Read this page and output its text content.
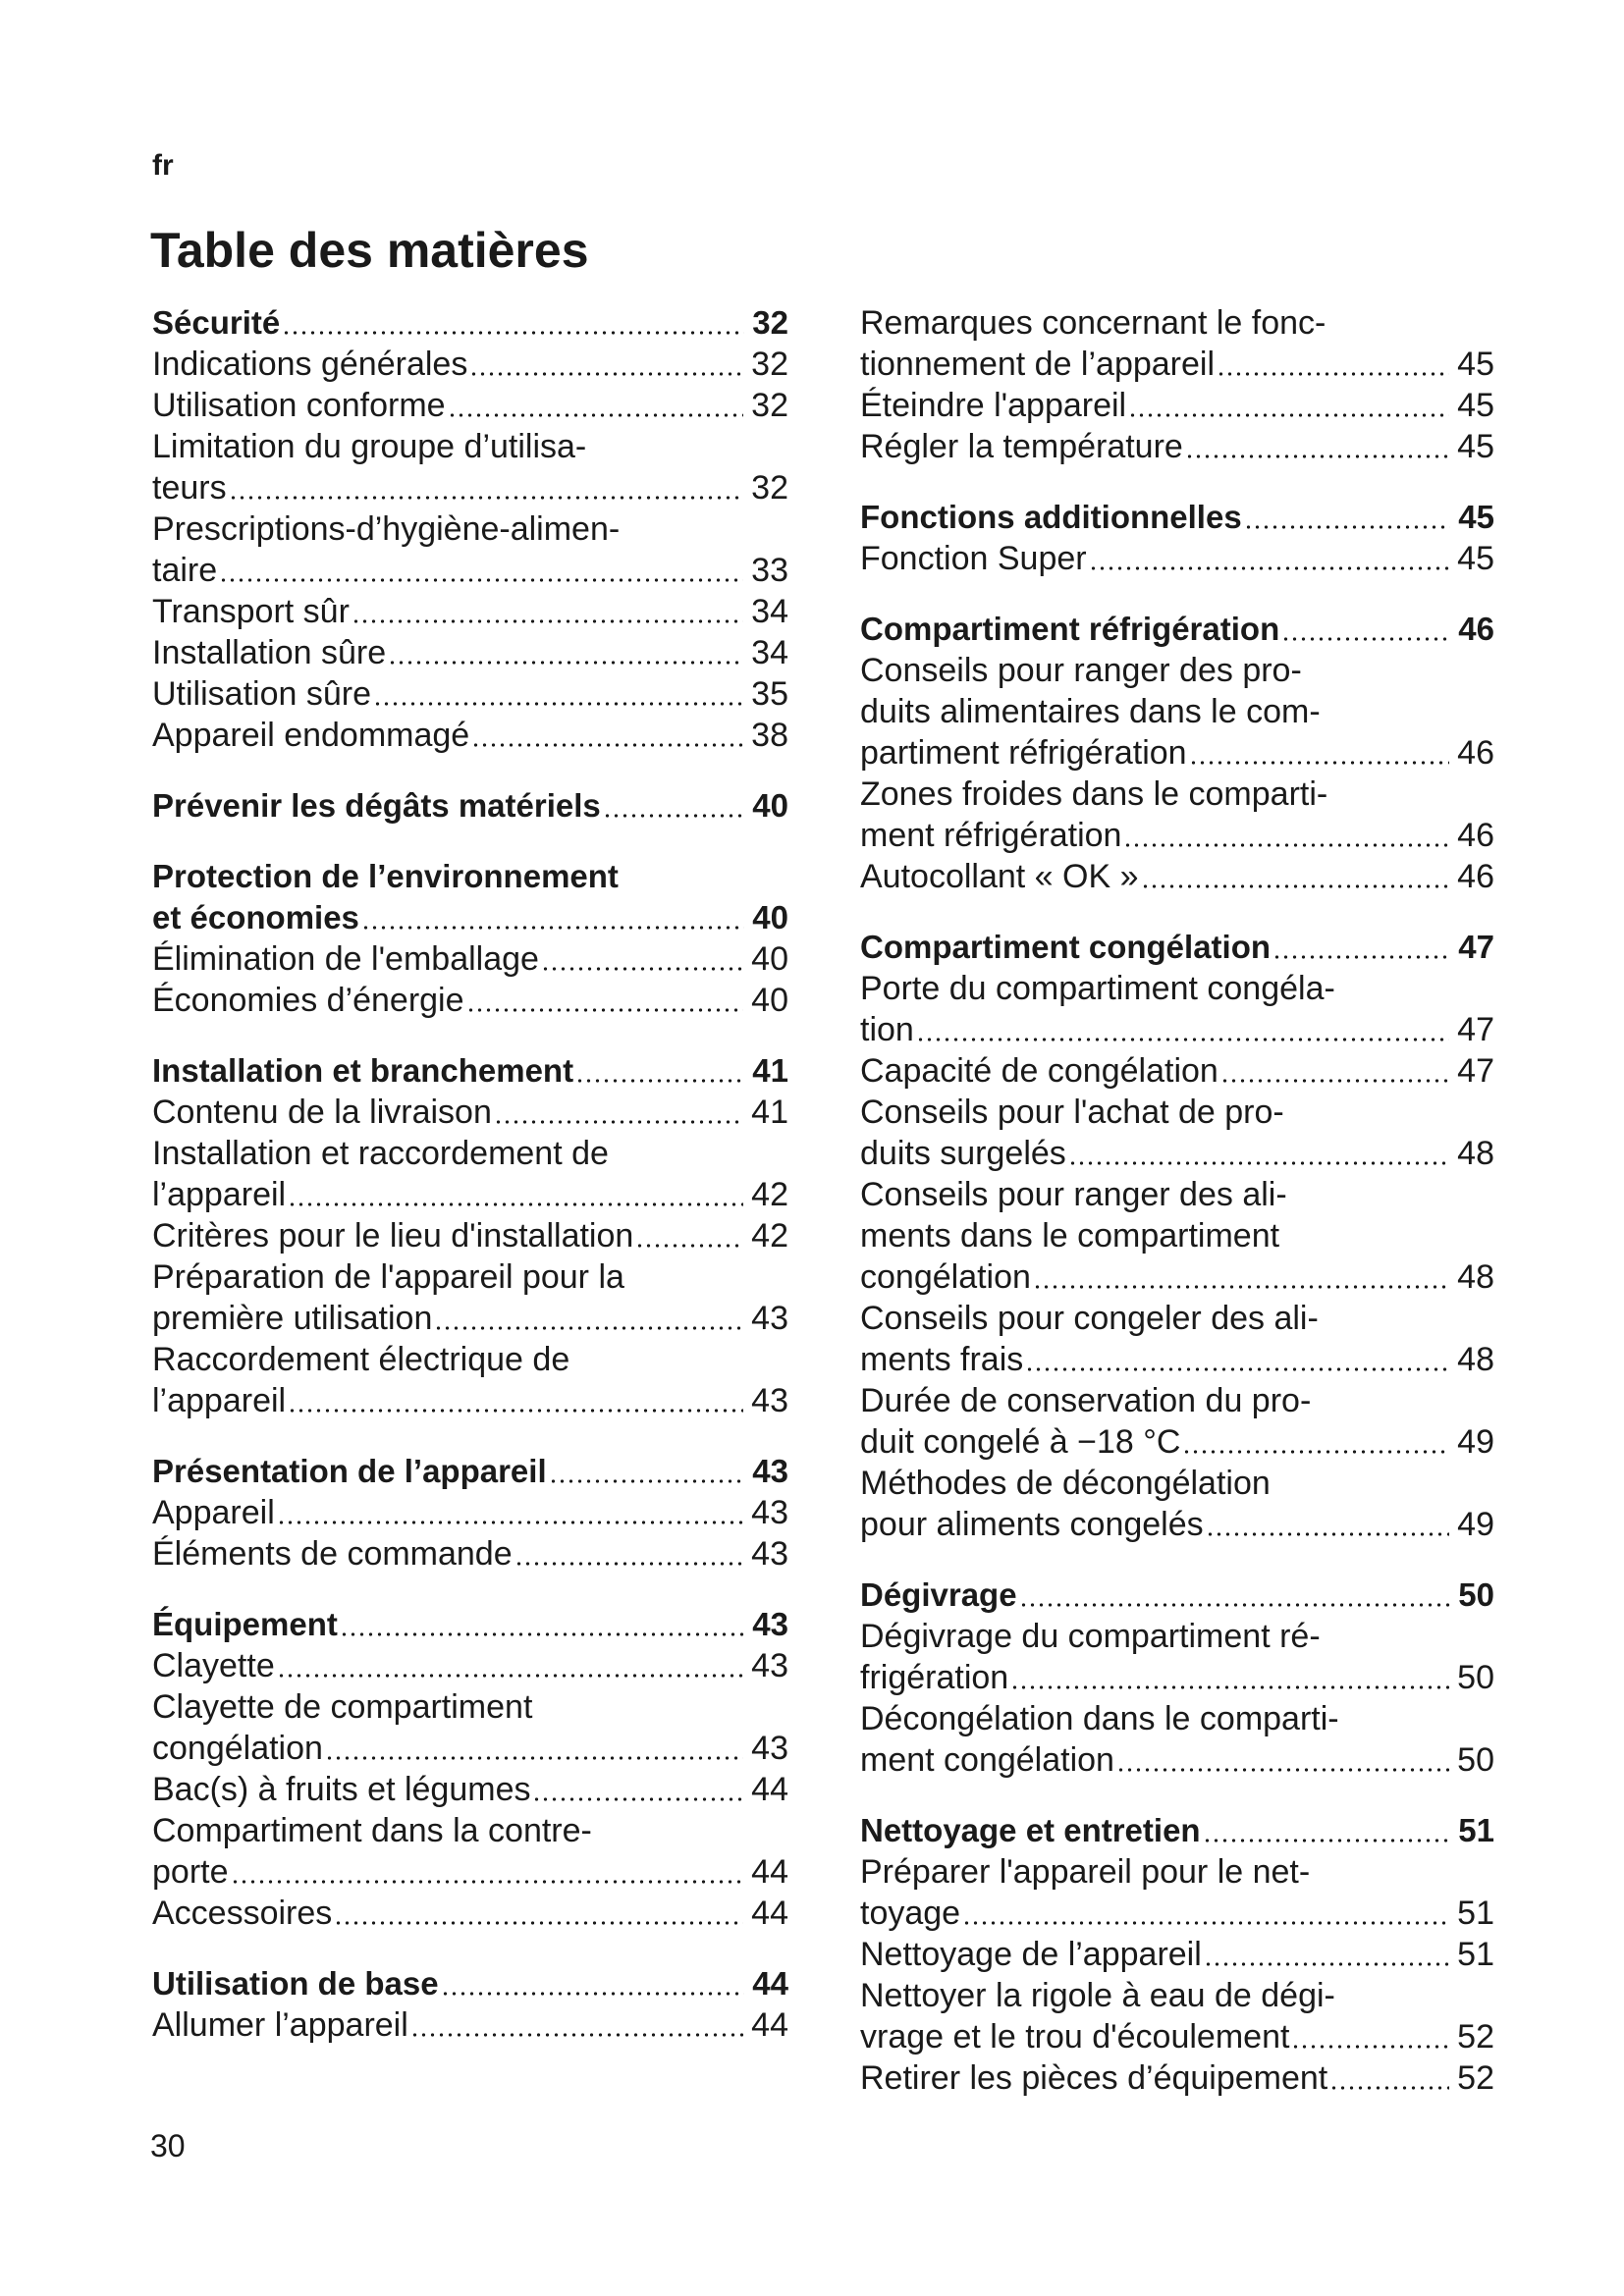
fr
Table des matières
Sécurité	32
Indications générales	32
Utilisation conforme	32
Limitation du groupe d’utilisa-
teurs	32
Prescriptions-d’hygiène-alimen-
taire	33
Transport sûr	34
Installation sûre	34
Utilisation sûre	35
Appareil endommagé	38
Prévenir les dégâts matériels	40
Protection de l’environnement
et économies	40
Élimination de l'emballage	40
Économies d’énergie	40
Installation et branchement	41
Contenu de la livraison	41
Installation et raccordement de
l’appareil	42
Critères pour le lieu d'installation	42
Préparation de l'appareil pour la
première utilisation	43
Raccordement électrique de
l’appareil	43
Présentation de l’appareil	43
Appareil	43
Éléments de commande	43
Équipement	43
Clayette	43
Clayette de compartiment
congélation	43
Bac(s) à fruits et légumes	44
Compartiment dans la contre-
porte	44
Accessoires	44
Utilisation de base	44
Allumer l’appareil	44
Remarques concernant le fonc-
tionnement de l’appareil	45
Éteindre l'appareil	45
Régler la température	45
Fonctions additionnelles	45
Fonction Super	45
Compartiment réfrigération	46
Conseils pour ranger des pro-
duits alimentaires dans le com-
partiment réfrigération	46
Zones froides dans le comparti-
ment réfrigération	46
Autocollant « OK »	46
Compartiment congélation	47
Porte du compartiment congéla-
tion	47
Capacité de congélation	47
Conseils pour l'achat de pro-
duits surgelés	48
Conseils pour ranger des ali-
ments dans le compartiment
congélation	48
Conseils pour congeler des ali-
ments frais	48
Durée de conservation du pro-
duit congelé à −18 °C	49
Méthodes de décongélation
pour aliments congelés	49
Dégivrage	50
Dégivrage du compartiment ré-
frigération	50
Décongélation dans le comparti-
ment congélation	50
Nettoyage et entretien	51
Préparer l'appareil pour le net-
toyage	51
Nettoyage de l’appareil	51
Nettoyer la rigole à eau de dégi-
vrage et le trou d'écoulement	52
Retirer les pièces d’équipement	52
30
